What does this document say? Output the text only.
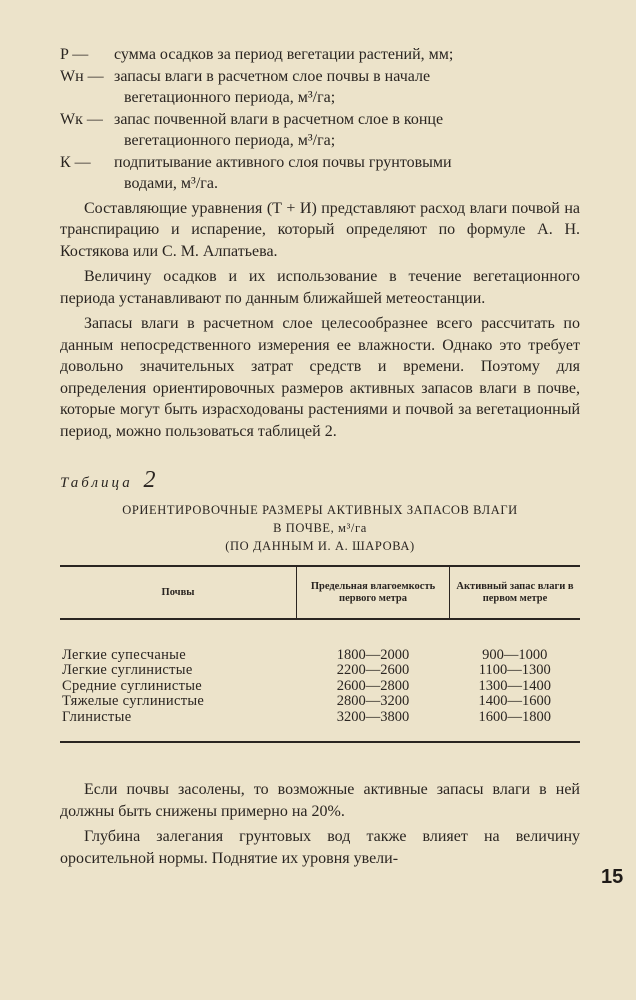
P —	сумма осадков за период вегетации растений, мм;
Wн — запасы влаги в расчетном слое почвы в начале
вегетационного периода, м³/га;
Wк — запас почвенной влаги в расчетном слое в конце
вегетационного периода, м³/га;
К —	подпитывание активного слоя почвы грунтовыми
водами, м³/га.

Составляющие уравнения (Т + И) представляют расход влаги почвой на транспирацию и испарение, который определяют по формуле А. Н. Костякова или С. М. Алпатьева.

Величину осадков и их использование в течение вегетационного периода устанавливают по данным ближайшей метеостанции.

Запасы влаги в расчетном слое целесообразнее всего рассчитать по данным непосредственного измерения ее влажности. Однако это требует довольно значительных затрат средств и времени. Поэтому для определения ориентировочных размеров активных запасов влаги в почве, которые могут быть израсходованы растениями и почвой за вегетационный период, можно пользоваться таблицей 2.

Таблица 2
ОРИЕНТИРОВОЧНЫЕ РАЗМЕРЫ АКТИВНЫХ ЗАПАСОВ ВЛАГИ
В ПОЧВЕ, м³/га
(ПО ДАННЫМ И. А. ШАРОВА)
Почвы	Предельная влагоемкость первого метра	Активный запас влаги в первом метре

Легкие супесчаные	1800—2000	900—1000
Легкие суглинистые	2200—2600	1100—1300
Средние суглинистые	2600—2800	1300—1400
Тяжелые суглинистые	2800—3200	1400—1600
Глинистые	3200—3800	1600—1800

Если почвы засолены, то возможные активные запасы влаги в ней должны быть снижены примерно на 20%.

Глубина залегания грунтовых вод также влияет на величину оросительной нормы. Поднятие их уровня увели-

15
